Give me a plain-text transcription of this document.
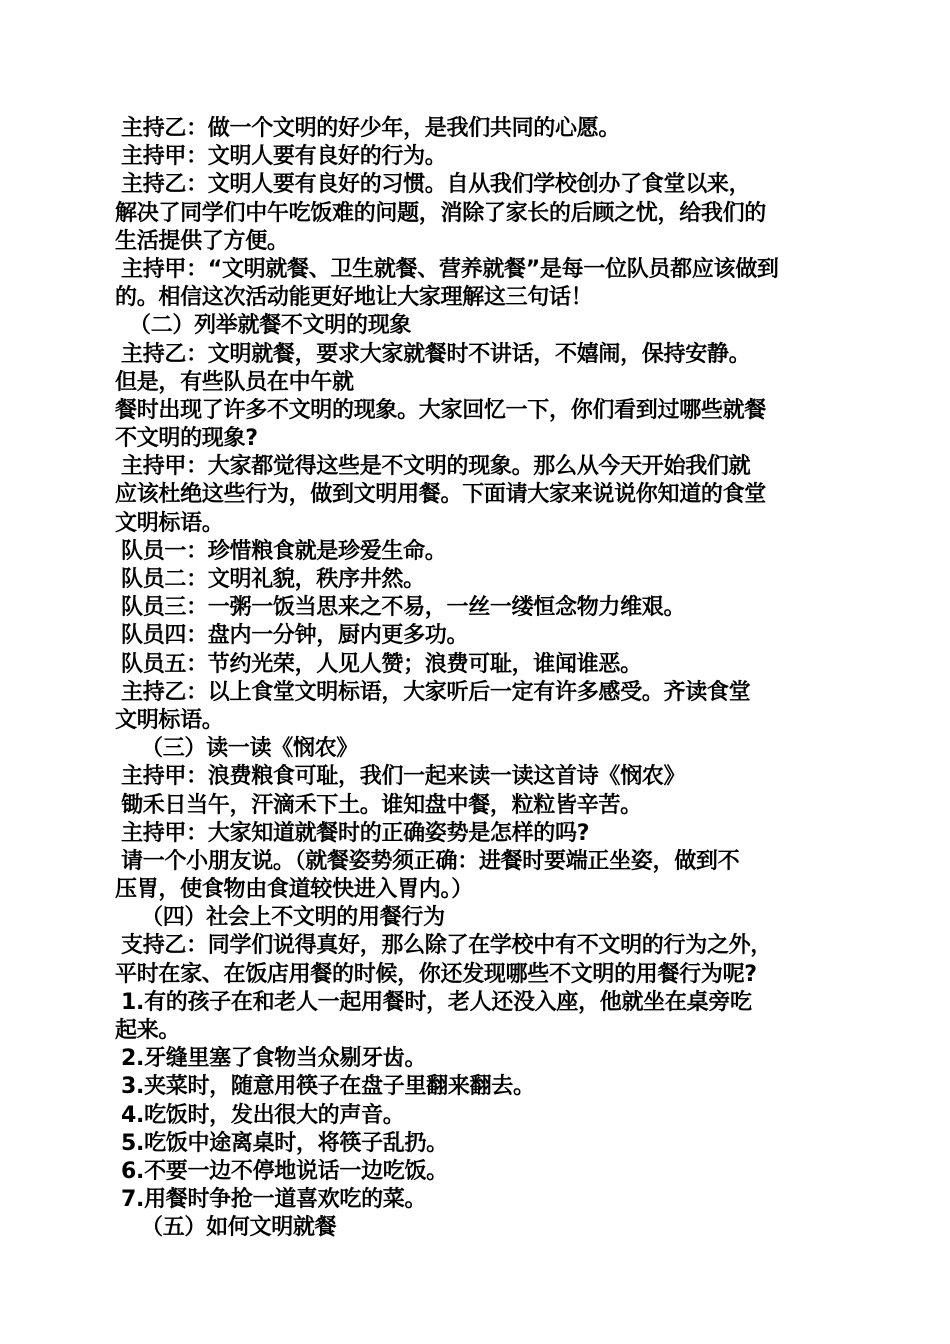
主持乙：做一个文明的好少年，是我们共同的心愿。
主持甲：文明人要有良好的行为。
主持乙：文明人要有良好的习惯。自从我们学校创办了食堂以来，
解决了同学们中午吃饭难的问题，消除了家长的后顾之忧，给我们的
生活提供了方便。
主持甲：“文明就餐、卫生就餐、营养就餐”是每一位队员都应该做到
的。相信这次活动能更好地让大家理解这三句话！
（二）列举就餐不文明的现象
主持乙：文明就餐，要求大家就餐时不讲话，不嬉闹，保持安静。
但是，有些队员在中午就
餐时出现了许多不文明的现象。大家回忆一下，你们看到过哪些就餐
不文明的现象?
主持甲：大家都觉得这些是不文明的现象。那么从今天开始我们就
应该杜绝这些行为，做到文明用餐。下面请大家来说说你知道的食堂
文明标语。
队员一：珍惜粮食就是珍爱生命。
队员二：文明礼貌，秩序井然。
队员三：一粥一饭当思来之不易，一丝一缕恒念物力维艰。
队员四：盘内一分钟，厨内更多功。
队员五：节约光荣，人见人赞；浪费可耻，谁闻谁恶。
主持乙：以上食堂文明标语，大家听后一定有许多感受。齐读食堂
文明标语。
（三）读一读《悯农》
主持甲：浪费粮食可耻，我们一起来读一读这首诗《悯农》
锄禾日当午，汗滴禾下土。谁知盘中餐，粒粒皆辛苦。
主持甲：大家知道就餐时的正确姿势是怎样的吗?
请一个小朋友说。（就餐姿势须正确：进餐时要端正坐姿，做到不
压胃，使食物由食道较快进入胃内。）
（四）社会上不文明的用餐行为
支持乙：同学们说得真好，那么除了在学校中有不文明的行为之外，
平时在家、在饭店用餐的时候，你还发现哪些不文明的用餐行为呢?
1.有的孩子在和老人一起用餐时，老人还没入座，他就坐在桌旁吃
起来。
2.牙缝里塞了食物当众剔牙齿。
3.夹菜时，随意用筷子在盘子里翻来翻去。
4.吃饭时，发出很大的声音。
5.吃饭中途离桌时，将筷子乱扔。
6.不要一边不停地说话一边吃饭。
7.用餐时争抢一道喜欢吃的菜。
（五）如何文明就餐
